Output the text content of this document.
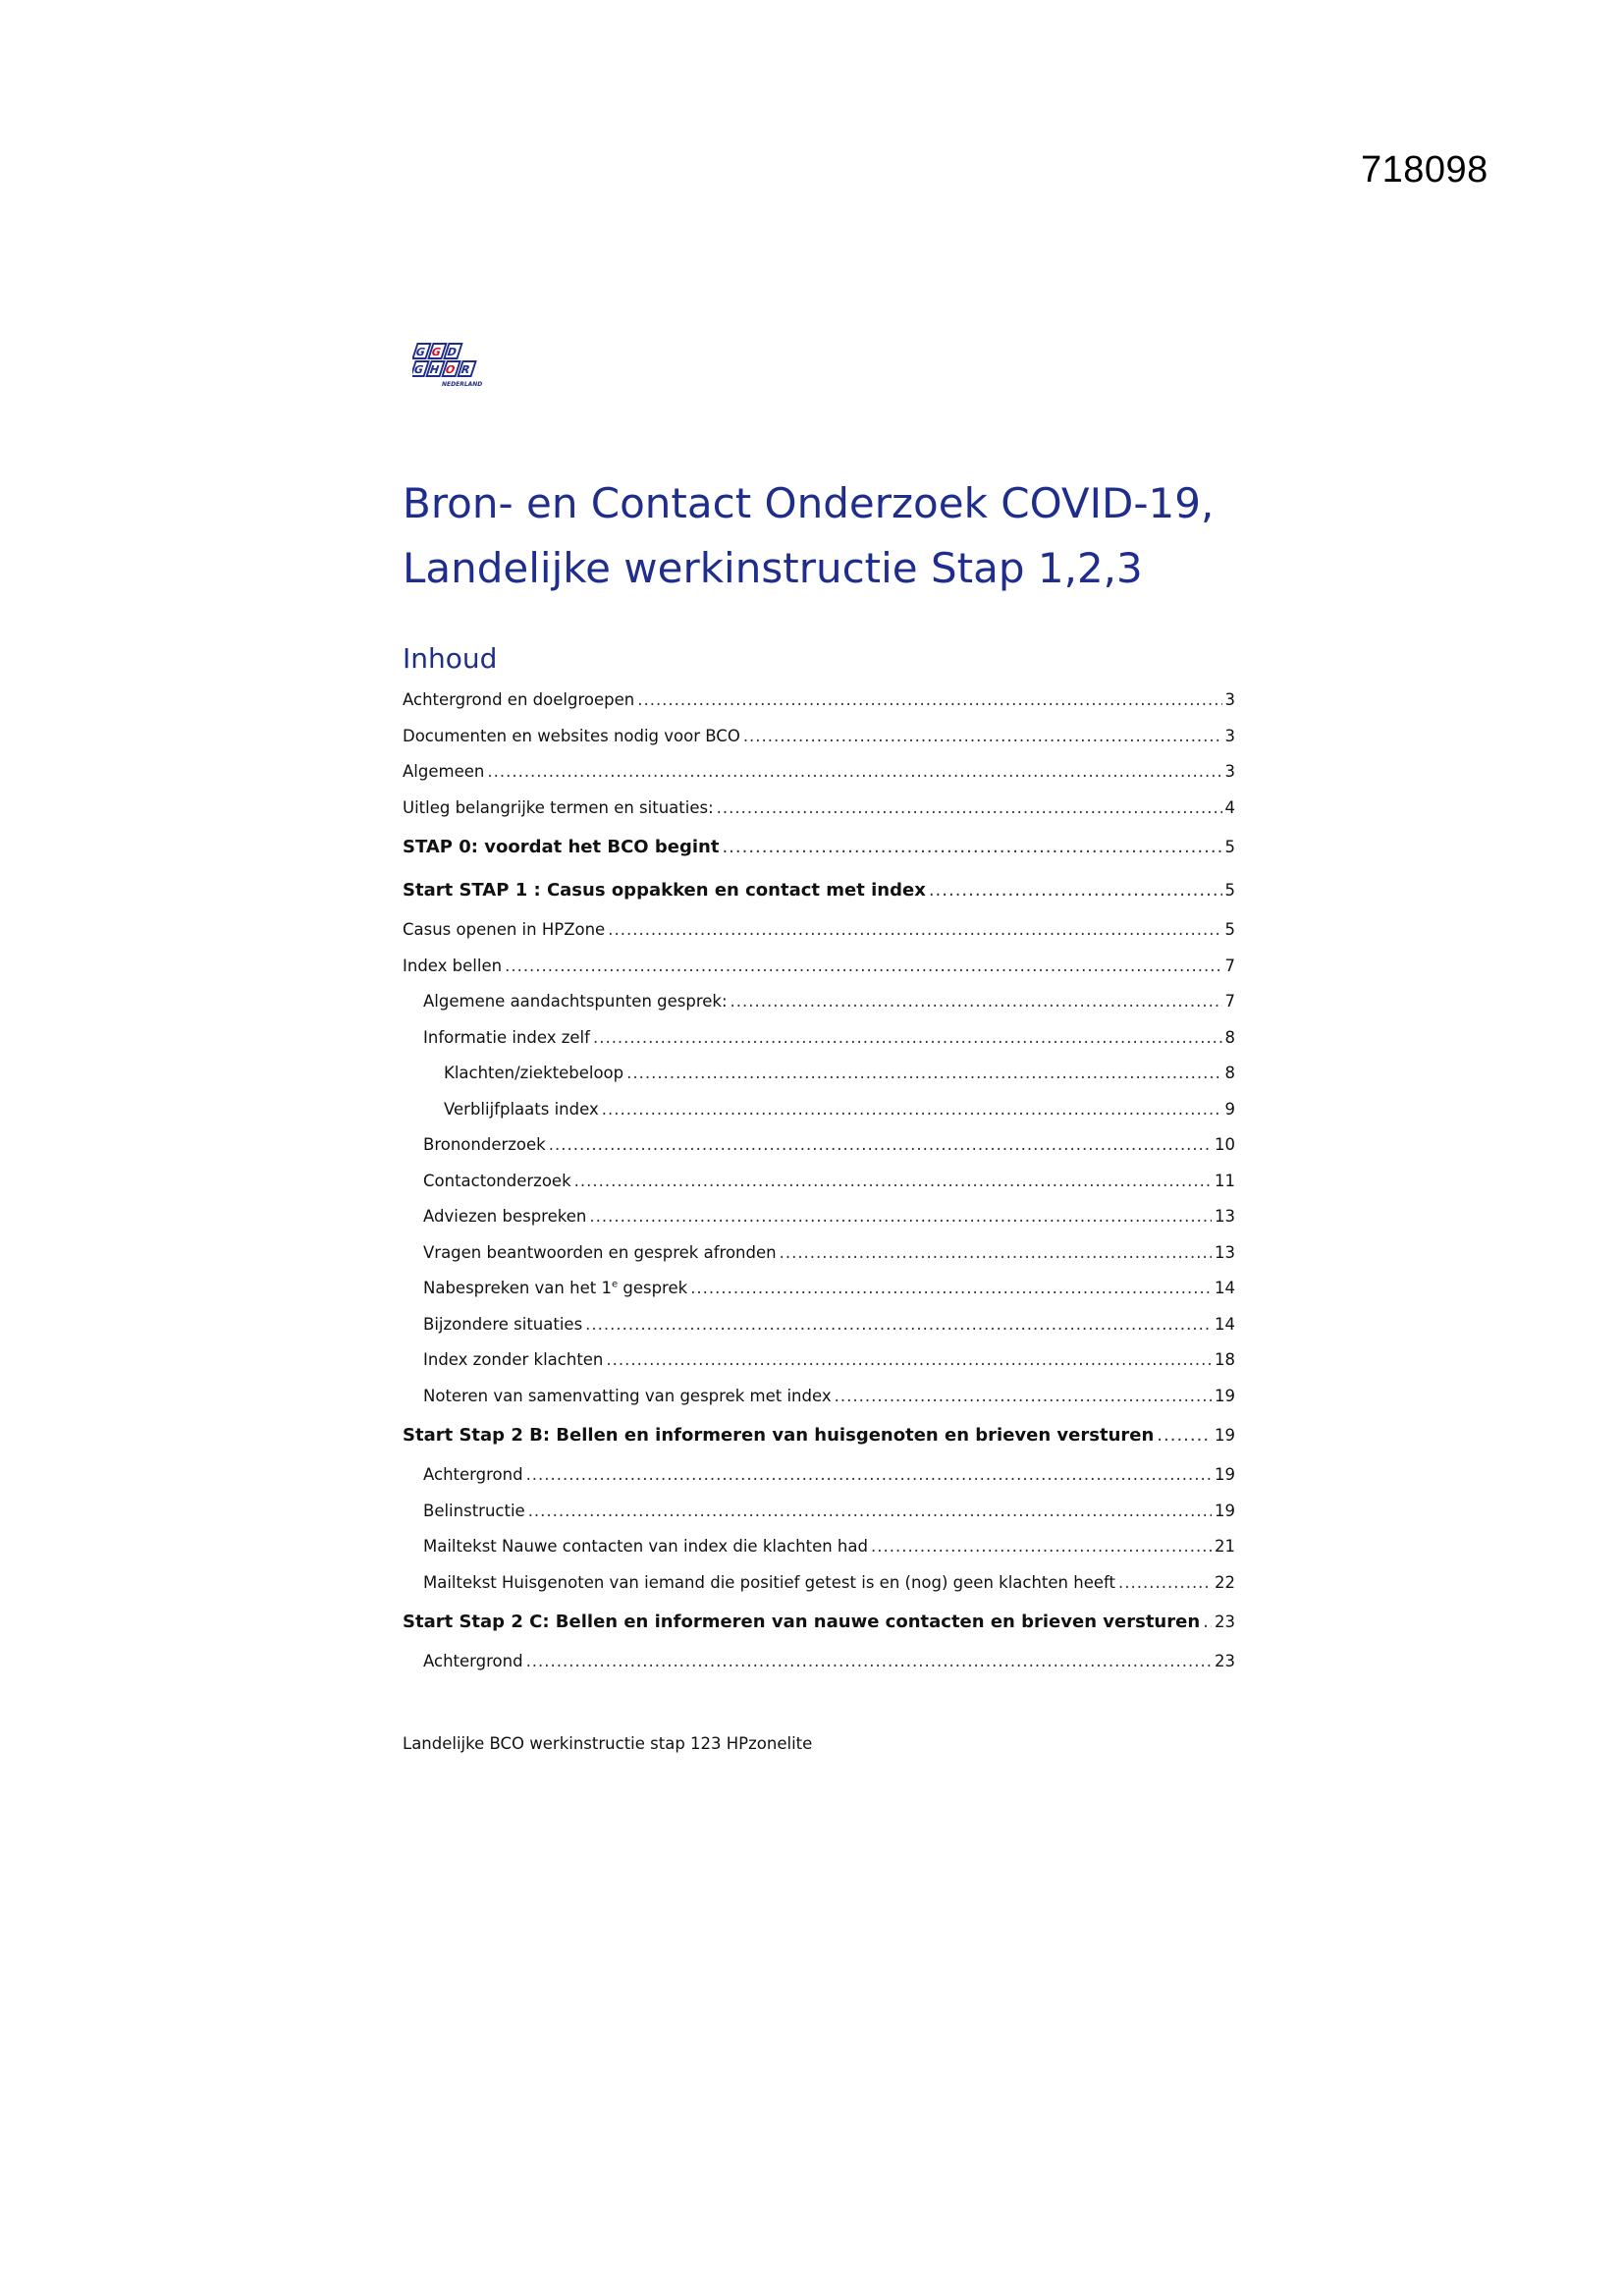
718098
G G D
G H O R
NEDERLAND
Bron- en Contact Onderzoek COVID-19,
Landelijke werkinstructie Stap 1,2,3
Inhoud
Achtergrond en doelgroepen .....	3
Documenten en websites nodig voor BCO .....	3
Algemeen .....	3
Uitleg belangrijke termen en situaties: .....	4
STAP 0: voordat het BCO begint .....	5
Start STAP 1 : Casus oppakken en contact met index .....	5
Casus openen in HPZone .....	5
Index bellen .....	7
Algemene aandachtspunten gesprek: .....	7
Informatie index zelf .....	8
Klachten/ziektebeloop .....	8
Verblijfplaats index .....	9
Brononderzoek .....	10
Contactonderzoek .....	11
Adviezen bespreken .....	13
Vragen beantwoorden en gesprek afronden .....	13
Nabespreken van het 1e gesprek .....	14
Bijzondere situaties .....	14
Index zonder klachten .....	18
Noteren van samenvatting van gesprek met index .....	19
Start Stap 2 B: Bellen en informeren van huisgenoten en brieven versturen .....	19
Achtergrond .....	19
Belinstructie .....	19
Mailtekst Nauwe contacten van index die klachten had .....	21
Mailtekst Huisgenoten van iemand die positief getest is en (nog) geen klachten heeft .....	22
Start Stap 2 C: Bellen en informeren van nauwe contacten en brieven versturen ..... 23
Achtergrond .....	23
Landelijke BCO werkinstructie stap 123 HPzonelite
